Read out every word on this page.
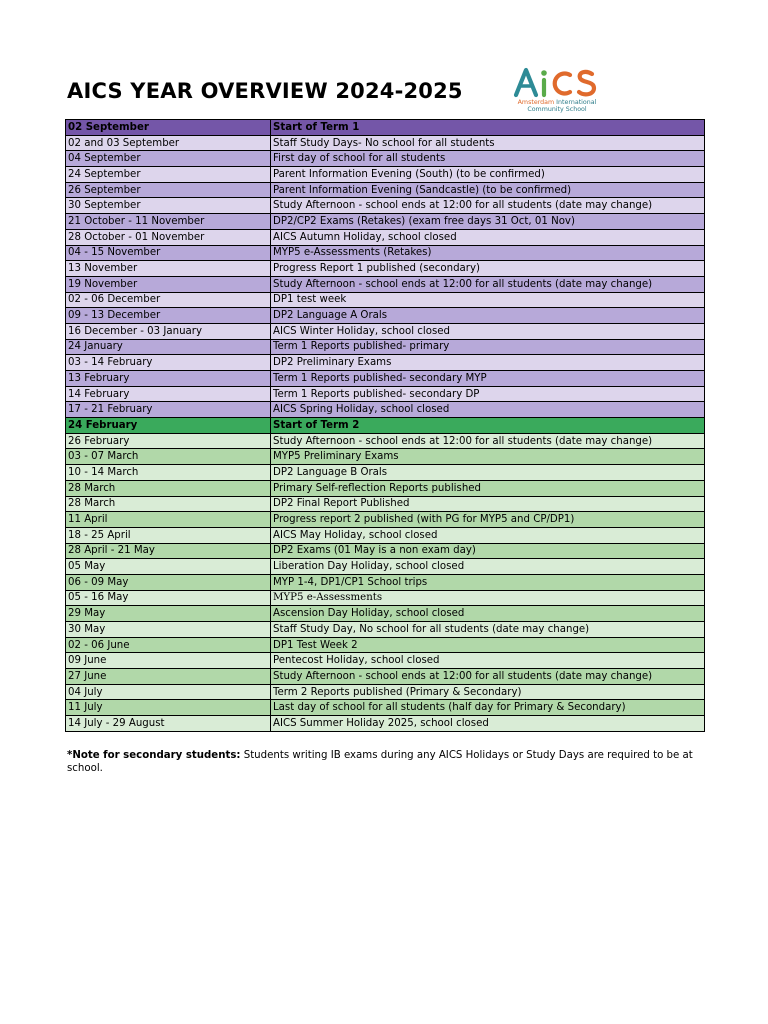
AICS YEAR OVERVIEW 2024-2025	Amsterdam International
Community School
02 September	Start of Term 1
02 and 03 September	Staff Study Days- No school for all students
04 September	First day of school for all students
24 September	Parent Information Evening (South) (to be confirmed)
26 September	Parent Information Evening (Sandcastle) (to be confirmed)
30 September	Study Afternoon - school ends at 12:00 for all students (date may change)
21 October - 11 November	DP2/CP2 Exams (Retakes) (exam free days 31 Oct, 01 Nov)
28 October - 01 November	AICS Autumn Holiday, school closed
04 - 15 November	MYP5 e-Assessments (Retakes)
13 November	Progress Report 1 published (secondary)
19 November	Study Afternoon - school ends at 12:00 for all students (date may change)
02 - 06 December	DP1 test week
09 - 13 December	DP2 Language A Orals
16 December - 03 January	AICS Winter Holiday, school closed
24 January	Term 1 Reports published- primary
03 - 14 February	DP2 Preliminary Exams
13 February	Term 1 Reports published- secondary MYP
14 February	Term 1 Reports published- secondary DP
17 - 21 February	AICS Spring Holiday, school closed
24 February	Start of Term 2
26 February	Study Afternoon - school ends at 12:00 for all students (date may change)
03 - 07 March	MYP5 Preliminary Exams
10 - 14 March	DP2 Language B Orals
28 March	Primary Self-reflection Reports published
28 March	DP2 Final Report Published
11 April	Progress report 2 published (with PG for MYP5 and CP/DP1)
18 - 25 April	AICS May Holiday, school closed
28 April - 21 May	DP2 Exams (01 May is a non exam day)
05 May	Liberation Day Holiday, school closed
06 - 09 May	MYP 1-4, DP1/CP1 School trips
05 - 16 May	MYP5 e-Assessments
29 May	Ascension Day Holiday, school closed
30 May	Staff Study Day, No school for all students (date may change)
02 - 06 June	DP1 Test Week 2
09 June	Pentecost Holiday, school closed
27 June	Study Afternoon - school ends at 12:00 for all students (date may change)
04 July	Term 2 Reports published (Primary & Secondary)
11 July	Last day of school for all students (half day for Primary & Secondary)
14 July - 29 August	AICS Summer Holiday 2025, school closed
*Note for secondary students: Students writing IB exams during any AICS Holidays or Study Days are required to be at school.
